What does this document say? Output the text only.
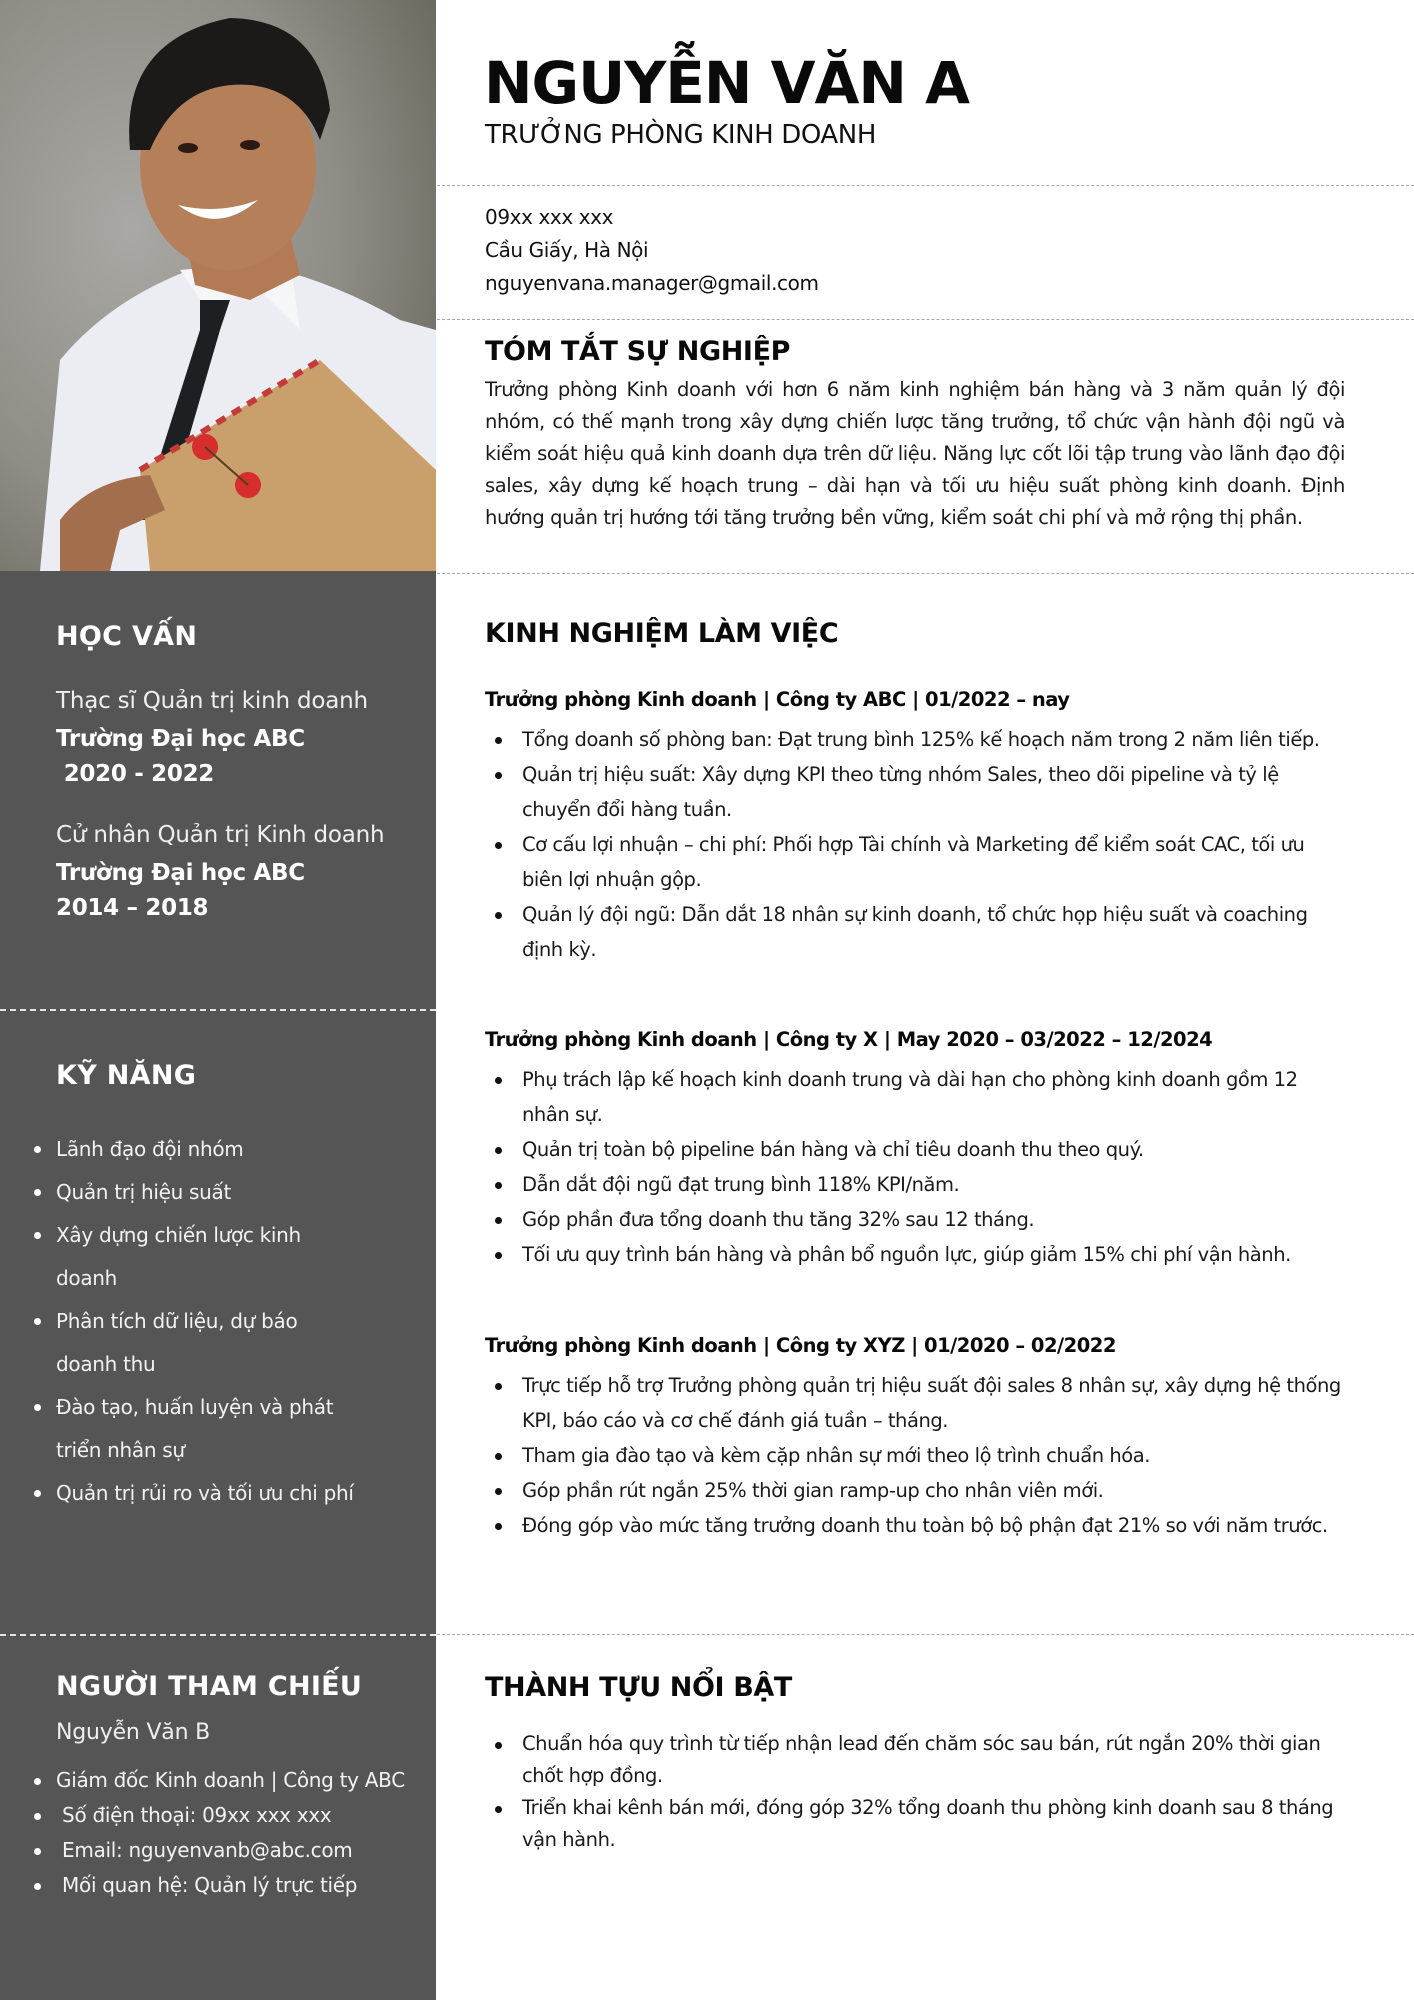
HỌC VẤN
Thạc sĩ Quản trị kinh doanh
Trường Đại học ABC
2020 - 2022
Cử nhân Quản trị Kinh doanh
Trường Đại học ABC
2014 – 2018
KỸ NĂNG
Lãnh đạo đội nhóm
Quản trị hiệu suất
Xây dựng chiến lược kinh doanh
Phân tích dữ liệu, dự báo doanh thu
Đào tạo, huấn luyện và phát triển nhân sự
Quản trị rủi ro và tối ưu chi phí
NGƯỜI THAM CHIẾU
Nguyễn Văn B
Giám đốc Kinh doanh | Công ty ABC
Số điện thoại: 09xx xxx xxx
Email: nguyenvanb@abc.com
Mối quan hệ: Quản lý trực tiếp
NGUYỄN VĂN A
TRƯỞNG PHÒNG KINH DOANH
09xx xxx xxx
Cầu Giấy, Hà Nội
nguyenvana.manager@gmail.com
TÓM TẮT SỰ NGHIỆP
Trưởng phòng Kinh doanh với hơn 6 năm kinh nghiệm bán hàng và 3 năm quản lý đội nhóm, có thế mạnh trong xây dựng chiến lược tăng trưởng, tổ chức vận hành đội ngũ và kiểm soát hiệu quả kinh doanh dựa trên dữ liệu. Năng lực cốt lõi tập trung vào lãnh đạo đội sales, xây dựng kế hoạch trung – dài hạn và tối ưu hiệu suất phòng kinh doanh. Định hướng quản trị hướng tới tăng trưởng bền vững, kiểm soát chi phí và mở rộng thị phần.
KINH NGHIỆM LÀM VIỆC
Trưởng phòng Kinh doanh | Công ty ABC | 01/2022 – nay
Tổng doanh số phòng ban: Đạt trung bình 125% kế hoạch năm trong 2 năm liên tiếp.
Quản trị hiệu suất: Xây dựng KPI theo từng nhóm Sales, theo dõi pipeline và tỷ lệ chuyển đổi hàng tuần.
Cơ cấu lợi nhuận – chi phí: Phối hợp Tài chính và Marketing để kiểm soát CAC, tối ưu biên lợi nhuận gộp.
Quản lý đội ngũ: Dẫn dắt 18 nhân sự kinh doanh, tổ chức họp hiệu suất và coaching định kỳ.
Trưởng phòng Kinh doanh | Công ty X | May 2020 – 03/2022 – 12/2024
Phụ trách lập kế hoạch kinh doanh trung và dài hạn cho phòng kinh doanh gồm 12 nhân sự.
Quản trị toàn bộ pipeline bán hàng và chỉ tiêu doanh thu theo quý.
Dẫn dắt đội ngũ đạt trung bình 118% KPI/năm.
Góp phần đưa tổng doanh thu tăng 32% sau 12 tháng.
Tối ưu quy trình bán hàng và phân bổ nguồn lực, giúp giảm 15% chi phí vận hành.
Trưởng phòng Kinh doanh | Công ty XYZ | 01/2020 – 02/2022
Trực tiếp hỗ trợ Trưởng phòng quản trị hiệu suất đội sales 8 nhân sự, xây dựng hệ thống KPI, báo cáo và cơ chế đánh giá tuần – tháng.
Tham gia đào tạo và kèm cặp nhân sự mới theo lộ trình chuẩn hóa.
Góp phần rút ngắn 25% thời gian ramp-up cho nhân viên mới.
Đóng góp vào mức tăng trưởng doanh thu toàn bộ bộ phận đạt 21% so với năm trước.
THÀNH TỰU NỔI BẬT
Chuẩn hóa quy trình từ tiếp nhận lead đến chăm sóc sau bán, rút ngắn 20% thời gian chốt hợp đồng.
Triển khai kênh bán mới, đóng góp 32% tổng doanh thu phòng kinh doanh sau 8 tháng vận hành.
